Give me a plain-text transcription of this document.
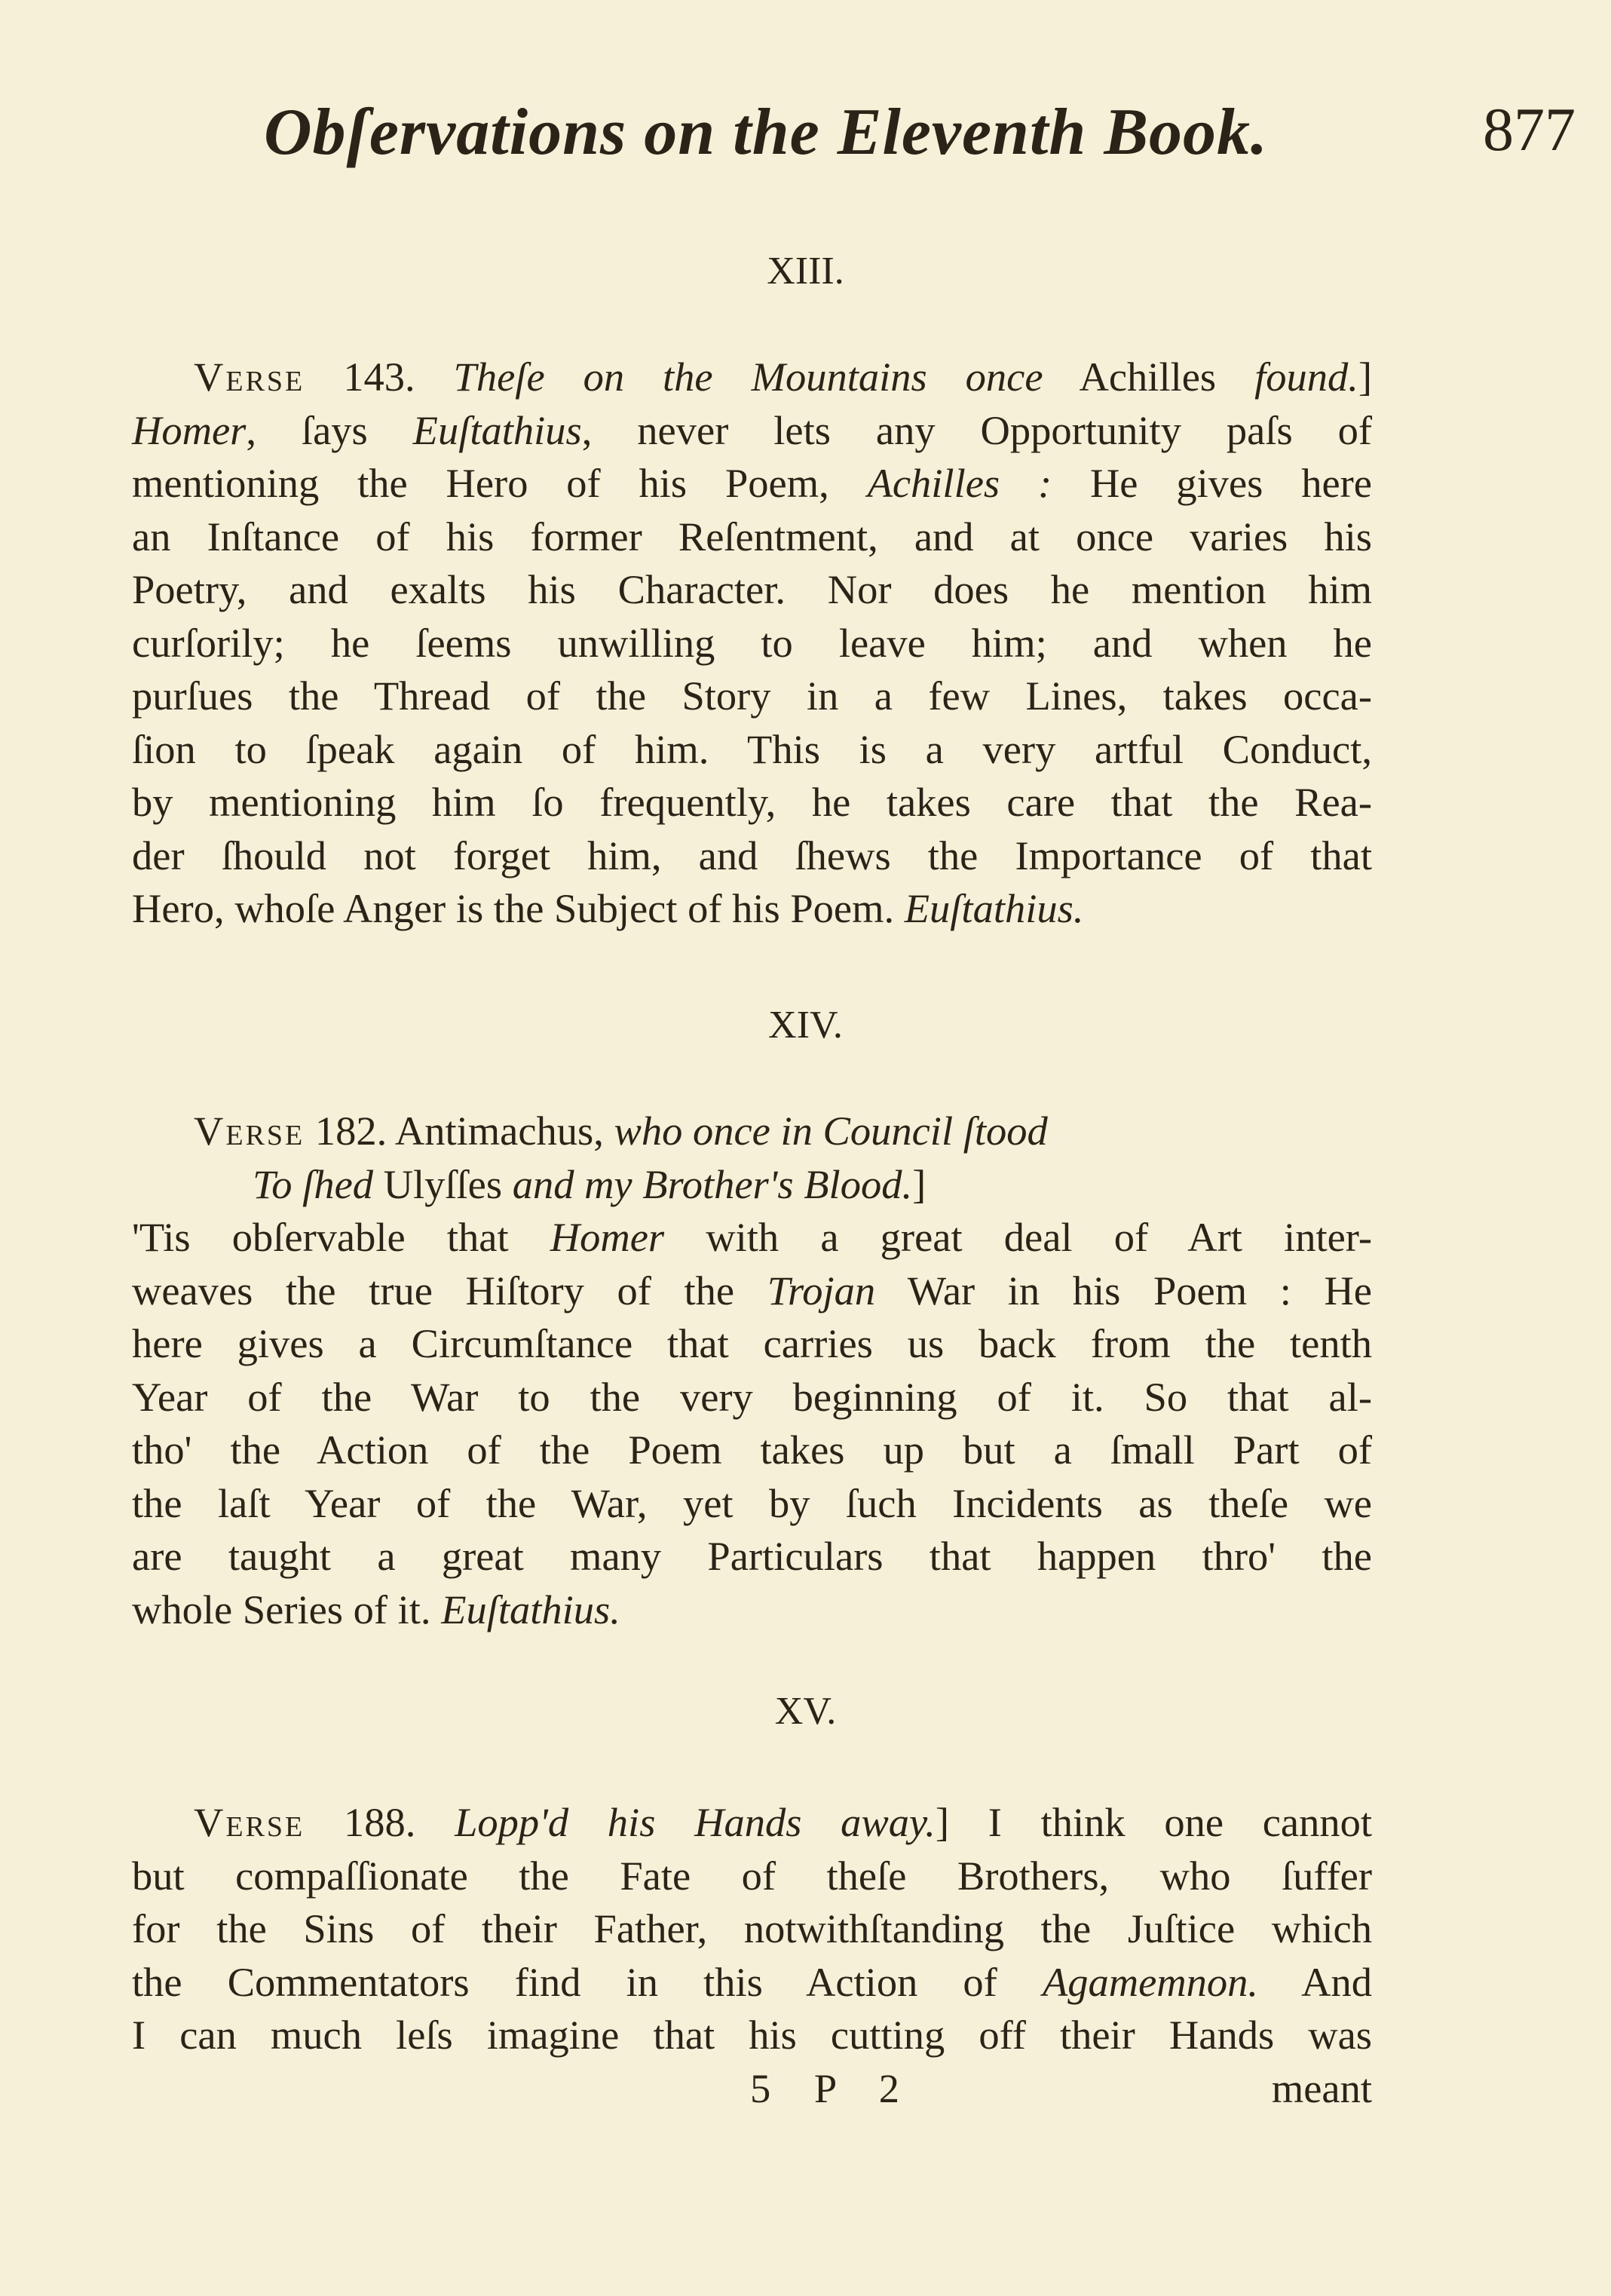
Obſervations on the Eleventh Book.	877
XIII.
Verse 143. Theſe on the Mountains once Achilles found.]
Homer, ſays Euſtathius, never lets any Opportunity paſs of
mentioning the Hero of his Poem, Achilles : He gives here
an Inſtance of his former Reſentment, and at once varies his
Poetry, and exalts his Character. Nor does he mention him
curſorily; he ſeems unwilling to leave him; and when he
purſues the Thread of the Story in a few Lines, takes occa-
ſion to ſpeak again of him. This is a very artful Conduct,
by mentioning him ſo frequently, he takes care that the Rea-
der ſhould not forget him, and ſhews the Importance of that
Hero, whoſe Anger is the Subject of his Poem. Euſtathius.
XIV.
Verse 182. Antimachus, who once in Council ſtood
To ſhed Ulyſſes and my Brother's Blood.]
'Tis obſervable that Homer with a great deal of Art inter-
weaves the true Hiſtory of the Trojan War in his Poem : He
here gives a Circumſtance that carries us back from the tenth
Year of the War to the very beginning of it. So that al-
tho' the Action of the Poem takes up but a ſmall Part of
the laſt Year of the War, yet by ſuch Incidents as theſe we
are taught a great many Particulars that happen thro' the
whole Series of it. Euſtathius.
XV.
Verse 188. Lopp'd his Hands away.] I think one cannot
but compaſſionate the Fate of theſe Brothers, who ſuffer
for the Sins of their Father, notwithſtanding the Juſtice which
the Commentators find in this Action of Agamemnon. And
I can much leſs imagine that his cutting off their Hands was
5 P 2	meant
